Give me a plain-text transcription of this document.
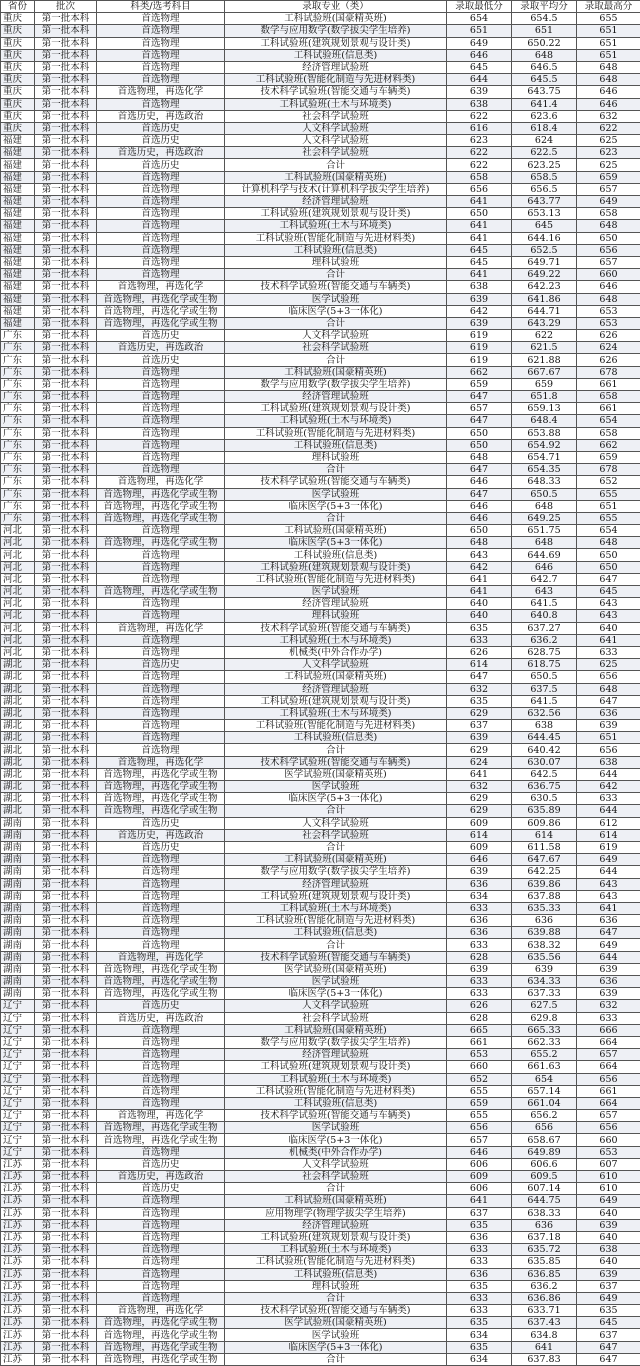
省份	批次	科类/选考科目	录取专业（类）	录取最低分	录取平均分	录取最高分
重庆	第一批本科	首选物理	工科试验班(国豪精英班)	654	654.5	655
重庆	第一批本科	首选物理	数学与应用数学(数学拔尖学生培养)	651	651	651
重庆	第一批本科	首选物理	工科试验班(建筑规划景观与设计类)	649	650.22	651
重庆	第一批本科	首选物理	工科试验班(信息类)	646	648	651
重庆	第一批本科	首选物理	经济管理试验班	645	646.5	648
重庆	第一批本科	首选物理	工科试验班(智能化制造与先进材料类)	644	645.5	648
重庆	第一批本科	首选物理，再选化学	技术科学试验班(智能交通与车辆类)	639	643.75	646
重庆	第一批本科	首选物理	工科试验班(土木与环境类)	638	641.4	646
重庆	第一批本科	首选历史，再选政治	社会科学试验班	622	623.6	632
重庆	第一批本科	首选历史	人文科学试验班	616	618.4	622
福建	第一批本科	首选历史	人文科学试验班	623	624	625
福建	第一批本科	首选历史，再选政治	社会科学试验班	622	622.5	623
福建	第一批本科	首选历史	合计	622	623.25	625
福建	第一批本科	首选物理	工科试验班(国豪精英班)	658	658.5	659
福建	第一批本科	首选物理	计算机科学与技术(计算机科学拔尖学生培养)	656	656.5	657
福建	第一批本科	首选物理	经济管理试验班	641	643.77	649
福建	第一批本科	首选物理	工科试验班(建筑规划景观与设计类)	650	653.13	658
福建	第一批本科	首选物理	工科试验班(土木与环境类)	641	645	648
福建	第一批本科	首选物理	工科试验班(智能化制造与先进材料类)	641	644.16	650
福建	第一批本科	首选物理	工科试验班(信息类)	645	652.5	656
福建	第一批本科	首选物理	理科试验班	645	649.71	657
福建	第一批本科	首选物理	合计	641	649.22	660
福建	第一批本科	首选物理，再选化学	技术科学试验班(智能交通与车辆类)	638	642.23	646
福建	第一批本科	首选物理，再选化学或生物	医学试验班	639	641.86	648
福建	第一批本科	首选物理，再选化学或生物	临床医学(5+3一体化)	642	644.71	653
福建	第一批本科	首选物理，再选化学或生物	合计	639	643.29	653
广东	第一批本科	首选历史	人文科学试验班	619	622	626
广东	第一批本科	首选历史，再选政治	社会科学试验班	619	621.5	624
广东	第一批本科	首选历史	合计	619	621.88	626
广东	第一批本科	首选物理	工科试验班(国豪精英班)	662	667.67	678
广东	第一批本科	首选物理	数学与应用数学(数学拔尖学生培养)	659	659	661
广东	第一批本科	首选物理	经济管理试验班	647	651.8	658
广东	第一批本科	首选物理	工科试验班(建筑规划景观与设计类)	657	659.13	661
广东	第一批本科	首选物理	工科试验班(土木与环境类)	647	648.4	654
广东	第一批本科	首选物理	工科试验班(智能化制造与先进材料类)	650	653.88	658
广东	第一批本科	首选物理	工科试验班(信息类)	650	654.92	662
广东	第一批本科	首选物理	理科试验班	648	654.71	659
广东	第一批本科	首选物理	合计	647	654.35	678
广东	第一批本科	首选物理，再选化学	技术科学试验班(智能交通与车辆类)	646	648.33	652
广东	第一批本科	首选物理，再选化学或生物	医学试验班	647	650.5	655
广东	第一批本科	首选物理，再选化学或生物	临床医学(5+3一体化)	646	648	651
广东	第一批本科	首选物理，再选化学或生物	合计	646	649.25	655
河北	第一批本科	首选物理	工科试验班(国豪精英班)	650	651.75	654
河北	第一批本科	首选物理，再选化学或生物	临床医学(5+3一体化)	648	648	648
河北	第一批本科	首选物理	工科试验班(信息类)	643	644.69	650
河北	第一批本科	首选物理	工科试验班(建筑规划景观与设计类)	642	646	650
河北	第一批本科	首选物理	工科试验班(智能化制造与先进材料类)	641	642.7	647
河北	第一批本科	首选物理，再选化学或生物	医学试验班	641	643	645
河北	第一批本科	首选物理	经济管理试验班	640	641.5	643
河北	第一批本科	首选物理	理科试验班	640	640.8	643
河北	第一批本科	首选物理，再选化学	技术科学试验班(智能交通与车辆类)	635	637.27	640
河北	第一批本科	首选物理	工科试验班(土木与环境类)	633	636.2	641
河北	第一批本科	首选物理	机械类(中外合作办学)	626	628.75	633
湖北	第一批本科	首选历史	人文科学试验班	614	618.75	625
湖北	第一批本科	首选物理	工科试验班(国豪精英班)	647	650.5	656
湖北	第一批本科	首选物理	经济管理试验班	632	637.5	648
湖北	第一批本科	首选物理	工科试验班(建筑规划景观与设计类)	635	641.5	647
湖北	第一批本科	首选物理	工科试验班(土木与环境类)	629	632.56	636
湖北	第一批本科	首选物理	工科试验班(智能化制造与先进材料类)	637	638	639
湖北	第一批本科	首选物理	工科试验班(信息类)	639	644.45	651
湖北	第一批本科	首选物理	合计	629	640.42	656
湖北	第一批本科	首选物理，再选化学	技术科学试验班(智能交通与车辆类)	624	630.07	638
湖北	第一批本科	首选物理，再选化学或生物	医学试验班(国豪精英班)	641	642.5	644
湖北	第一批本科	首选物理，再选化学或生物	医学试验班	632	636.75	642
湖北	第一批本科	首选物理，再选化学或生物	临床医学(5+3一体化)	629	630.5	633
湖北	第一批本科	首选物理，再选化学或生物	合计	629	635.89	644
湖南	第一批本科	首选历史	人文科学试验班	609	609.86	612
湖南	第一批本科	首选历史，再选政治	社会科学试验班	614	614	614
湖南	第一批本科	首选历史	合计	609	611.58	619
湖南	第一批本科	首选物理	工科试验班(国豪精英班)	646	647.67	649
湖南	第一批本科	首选物理	数学与应用数学(数学拔尖学生培养)	639	642.25	644
湖南	第一批本科	首选物理	经济管理试验班	636	639.86	643
湖南	第一批本科	首选物理	工科试验班(建筑规划景观与设计类)	634	637.88	643
湖南	第一批本科	首选物理	工科试验班(土木与环境类)	633	635.33	641
湖南	第一批本科	首选物理	工科试验班(智能化制造与先进材料类)	636	636	636
湖南	第一批本科	首选物理	工科试验班(信息类)	636	639.88	647
湖南	第一批本科	首选物理	合计	633	638.32	649
湖南	第一批本科	首选物理，再选化学	技术科学试验班(智能交通与车辆类)	628	635.56	644
湖南	第一批本科	首选物理，再选化学或生物	医学试验班(国豪精英班)	639	639	639
湖南	第一批本科	首选物理，再选化学或生物	医学试验班	633	634.33	636
湖南	第一批本科	首选物理，再选化学或生物	临床医学(5+3一体化)	633	637.33	639
辽宁	第一批本科	首选历史	人文科学试验班	626	627.5	632
辽宁	第一批本科	首选历史，再选政治	社会科学试验班	628	629.8	633
辽宁	第一批本科	首选物理	工科试验班(国豪精英班)	665	665.33	666
辽宁	第一批本科	首选物理	数学与应用数学(数学拔尖学生培养)	661	662.33	664
辽宁	第一批本科	首选物理	经济管理试验班	653	655.2	657
辽宁	第一批本科	首选物理	工科试验班(建筑规划景观与设计类)	660	661.63	664
辽宁	第一批本科	首选物理	工科试验班(土木与环境类)	652	654	656
辽宁	第一批本科	首选物理	工科试验班(智能化制造与先进材料类)	655	657.14	661
辽宁	第一批本科	首选物理	工科试验班(信息类)	659	661.04	664
辽宁	第一批本科	首选物理，再选化学	技术科学试验班(智能交通与车辆类)	655	656.2	657
辽宁	第一批本科	首选物理，再选化学或生物	医学试验班	656	656	656
辽宁	第一批本科	首选物理，再选化学或生物	临床医学(5+3一体化)	657	658.67	660
辽宁	第一批本科	首选物理	机械类(中外合作办学)	646	649.89	653
江苏	第一批本科	首选历史	人文科学试验班	606	606.6	607
江苏	第一批本科	首选历史，再选政治	社会科学试验班	609	609.5	610
江苏	第一批本科	首选历史	合计	606	607.14	610
江苏	第一批本科	首选物理	工科试验班(国豪精英班)	641	644.75	649
江苏	第一批本科	首选物理	应用物理学(物理学拔尖学生培养)	637	638.33	640
江苏	第一批本科	首选物理	经济管理试验班	635	636	639
江苏	第一批本科	首选物理	工科试验班(建筑规划景观与设计类)	636	637.18	640
江苏	第一批本科	首选物理	工科试验班(土木与环境类)	633	635.72	638
江苏	第一批本科	首选物理	工科试验班(智能化制造与先进材料类)	633	635.85	640
江苏	第一批本科	首选物理	工科试验班(信息类)	636	636.85	639
江苏	第一批本科	首选物理	理科试验班	635	636.2	637
江苏	第一批本科	首选物理	合计	633	636.86	649
江苏	第一批本科	首选物理，再选化学	技术科学试验班(智能交通与车辆类)	633	633.71	635
江苏	第一批本科	首选物理，再选化学或生物	医学试验班(国豪精英班)	635	637.43	645
江苏	第一批本科	首选物理，再选化学或生物	医学试验班	634	634.8	637
江苏	第一批本科	首选物理，再选化学或生物	临床医学(5+3一体化)	635	641	647
江苏	第一批本科	首选物理，再选化学或生物	合计	634	637.83	647
